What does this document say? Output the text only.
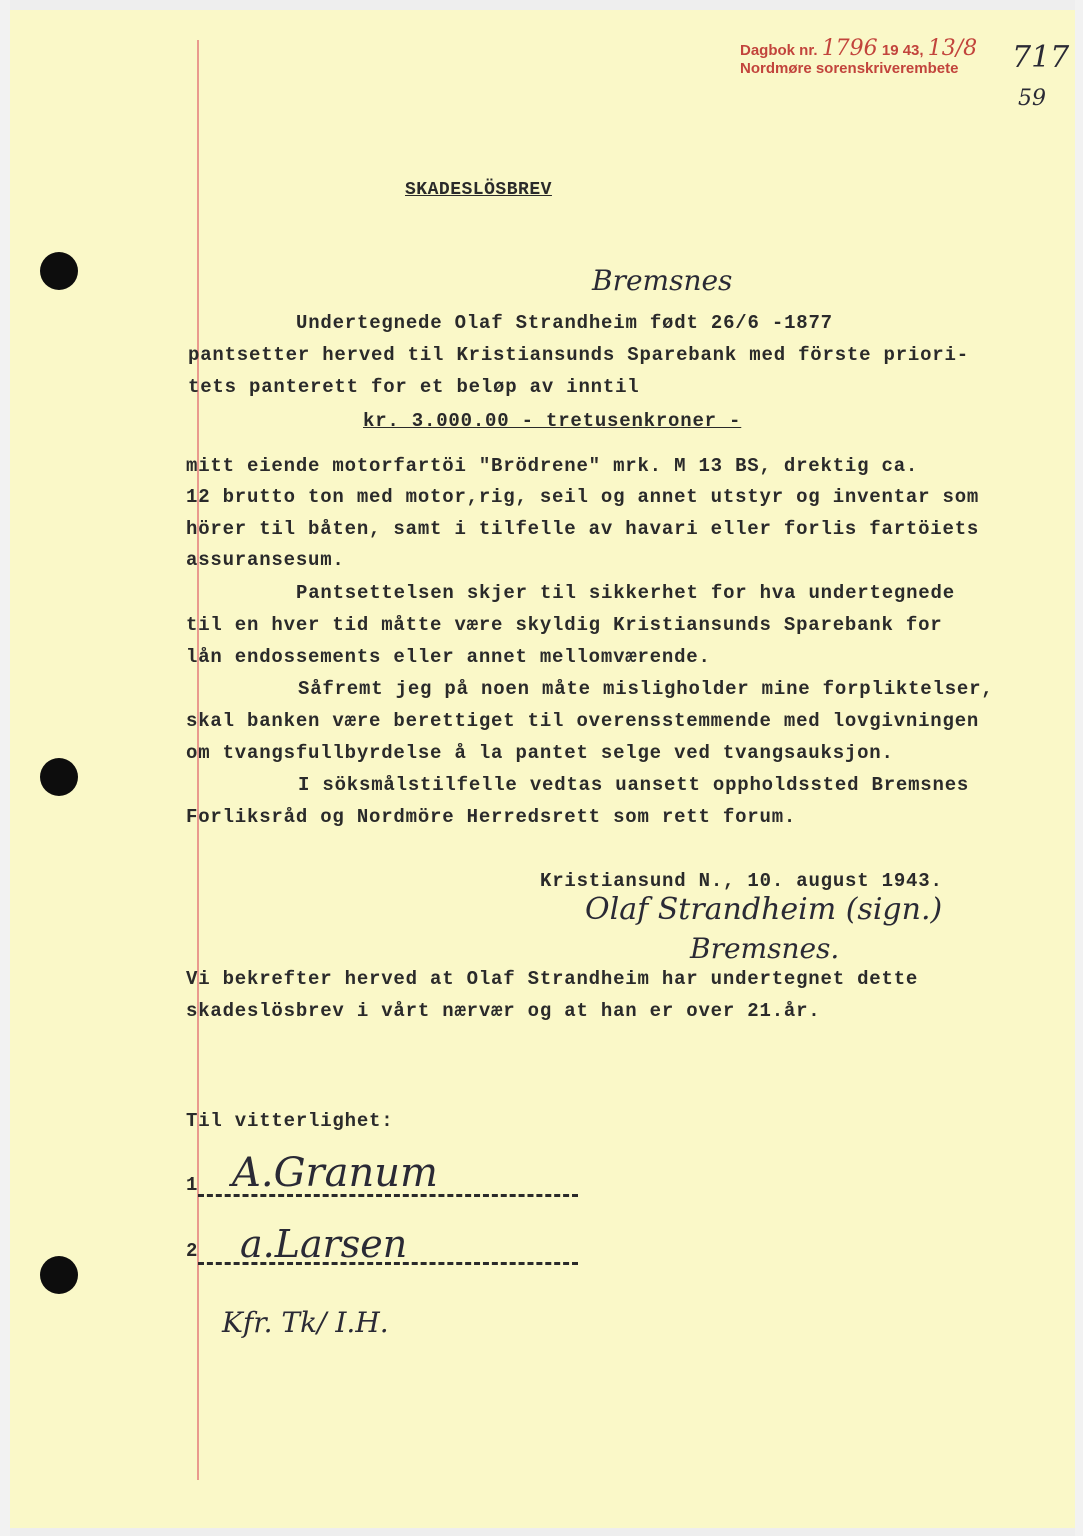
Dagbok nr. 1796 19 43, 13/8
Nordmøre sorenskriverembete 717
59
SKADESLÖSBREV
Bremsnes
Undertegnede Olaf Strandheim født 26/6 -1877
pantsetter herved til Kristiansunds Sparebank med förste priori-
tets panterett for et beløp av inntil
kr. 3.000.00 - tretusenkroner -
mitt eiende motorfartöi "Brödrene" mrk. M 13 BS, drektig ca.
12 brutto ton med motor,rig, seil og annet utstyr og inventar som
hörer til båten, samt i tilfelle av havari eller forlis fartöiets
assuransesum.
Pantsettelsen skjer til sikkerhet for hva undertegnede
til en hver tid måtte være skyldig Kristiansunds Sparebank for
lån endossements eller annet mellomværende.
Såfremt jeg på noen måte misligholder mine forpliktelser,
skal banken være berettiget til overensstemmende med lovgivningen
om tvangsfullbyrdelse å la pantet selge ved tvangsauksjon.
I söksmålstilfelle vedtas uansett oppholdssted Bremsnes
Forliksråd og Nordmöre Herredsrett som rett forum.
Kristiansund N., 10. august 1943.
Olaf Strandheim (sign.)
Bremsnes.
Vi bekrefter herved at Olaf Strandheim har undertegnet dette
skadeslösbrev i vårt nærvær og at han er over 21.år.
Til vitterlighet:
1 A.Granum
2 a.Larsen
Kfr. Tk/ I.H.
